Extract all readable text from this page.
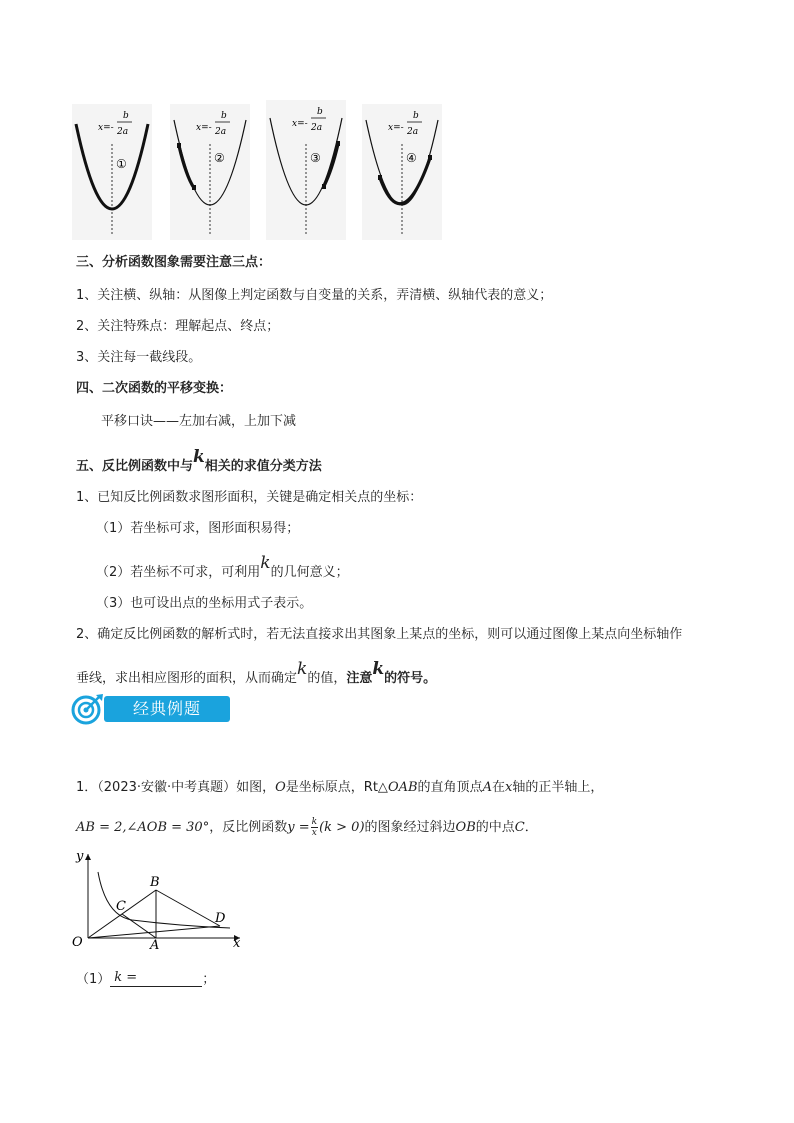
x=-
b
2a
①
x=-
b
2a
②
x=-
b
2a
③
x=-
b
2a
④
三、分析函数图象需要注意三点：
1、关注横、纵轴：从图像上判定函数与自变量的关系，弄清横、纵轴代表的意义；
2、关注特殊点：理解起点、终点；
3、关注每一截线段。
四、二次函数的平移变换：
平移口诀——左加右减，上加下减
五、反比例函数中与k相关的求值分类方法
1、已知反比例函数求图形面积，关键是确定相关点的坐标：
（1）若坐标可求，图形面积易得；
（2）若坐标不可求，可利用k的几何意义；
（3）也可设出点的坐标用式子表示。
2、确定反比例函数的解析式时，若无法直接求出其图象上某点的坐标，则可以通过图像上某点向坐标轴作
垂线，求出相应图形的面积，从而确定k的值，注意k的符号。
经典例题
1．（2023·安徽·中考真题）如图，O是坐标原点，Rt△OAB的直角顶点A在x轴的正半轴上，
AB = 2,∠AOB = 30°，反比例函数$y = \frac{k}{x} (k > 0)$的图象经过斜边OB的中点C．
y
x
O	A
B
C
D
（1） k =	；
